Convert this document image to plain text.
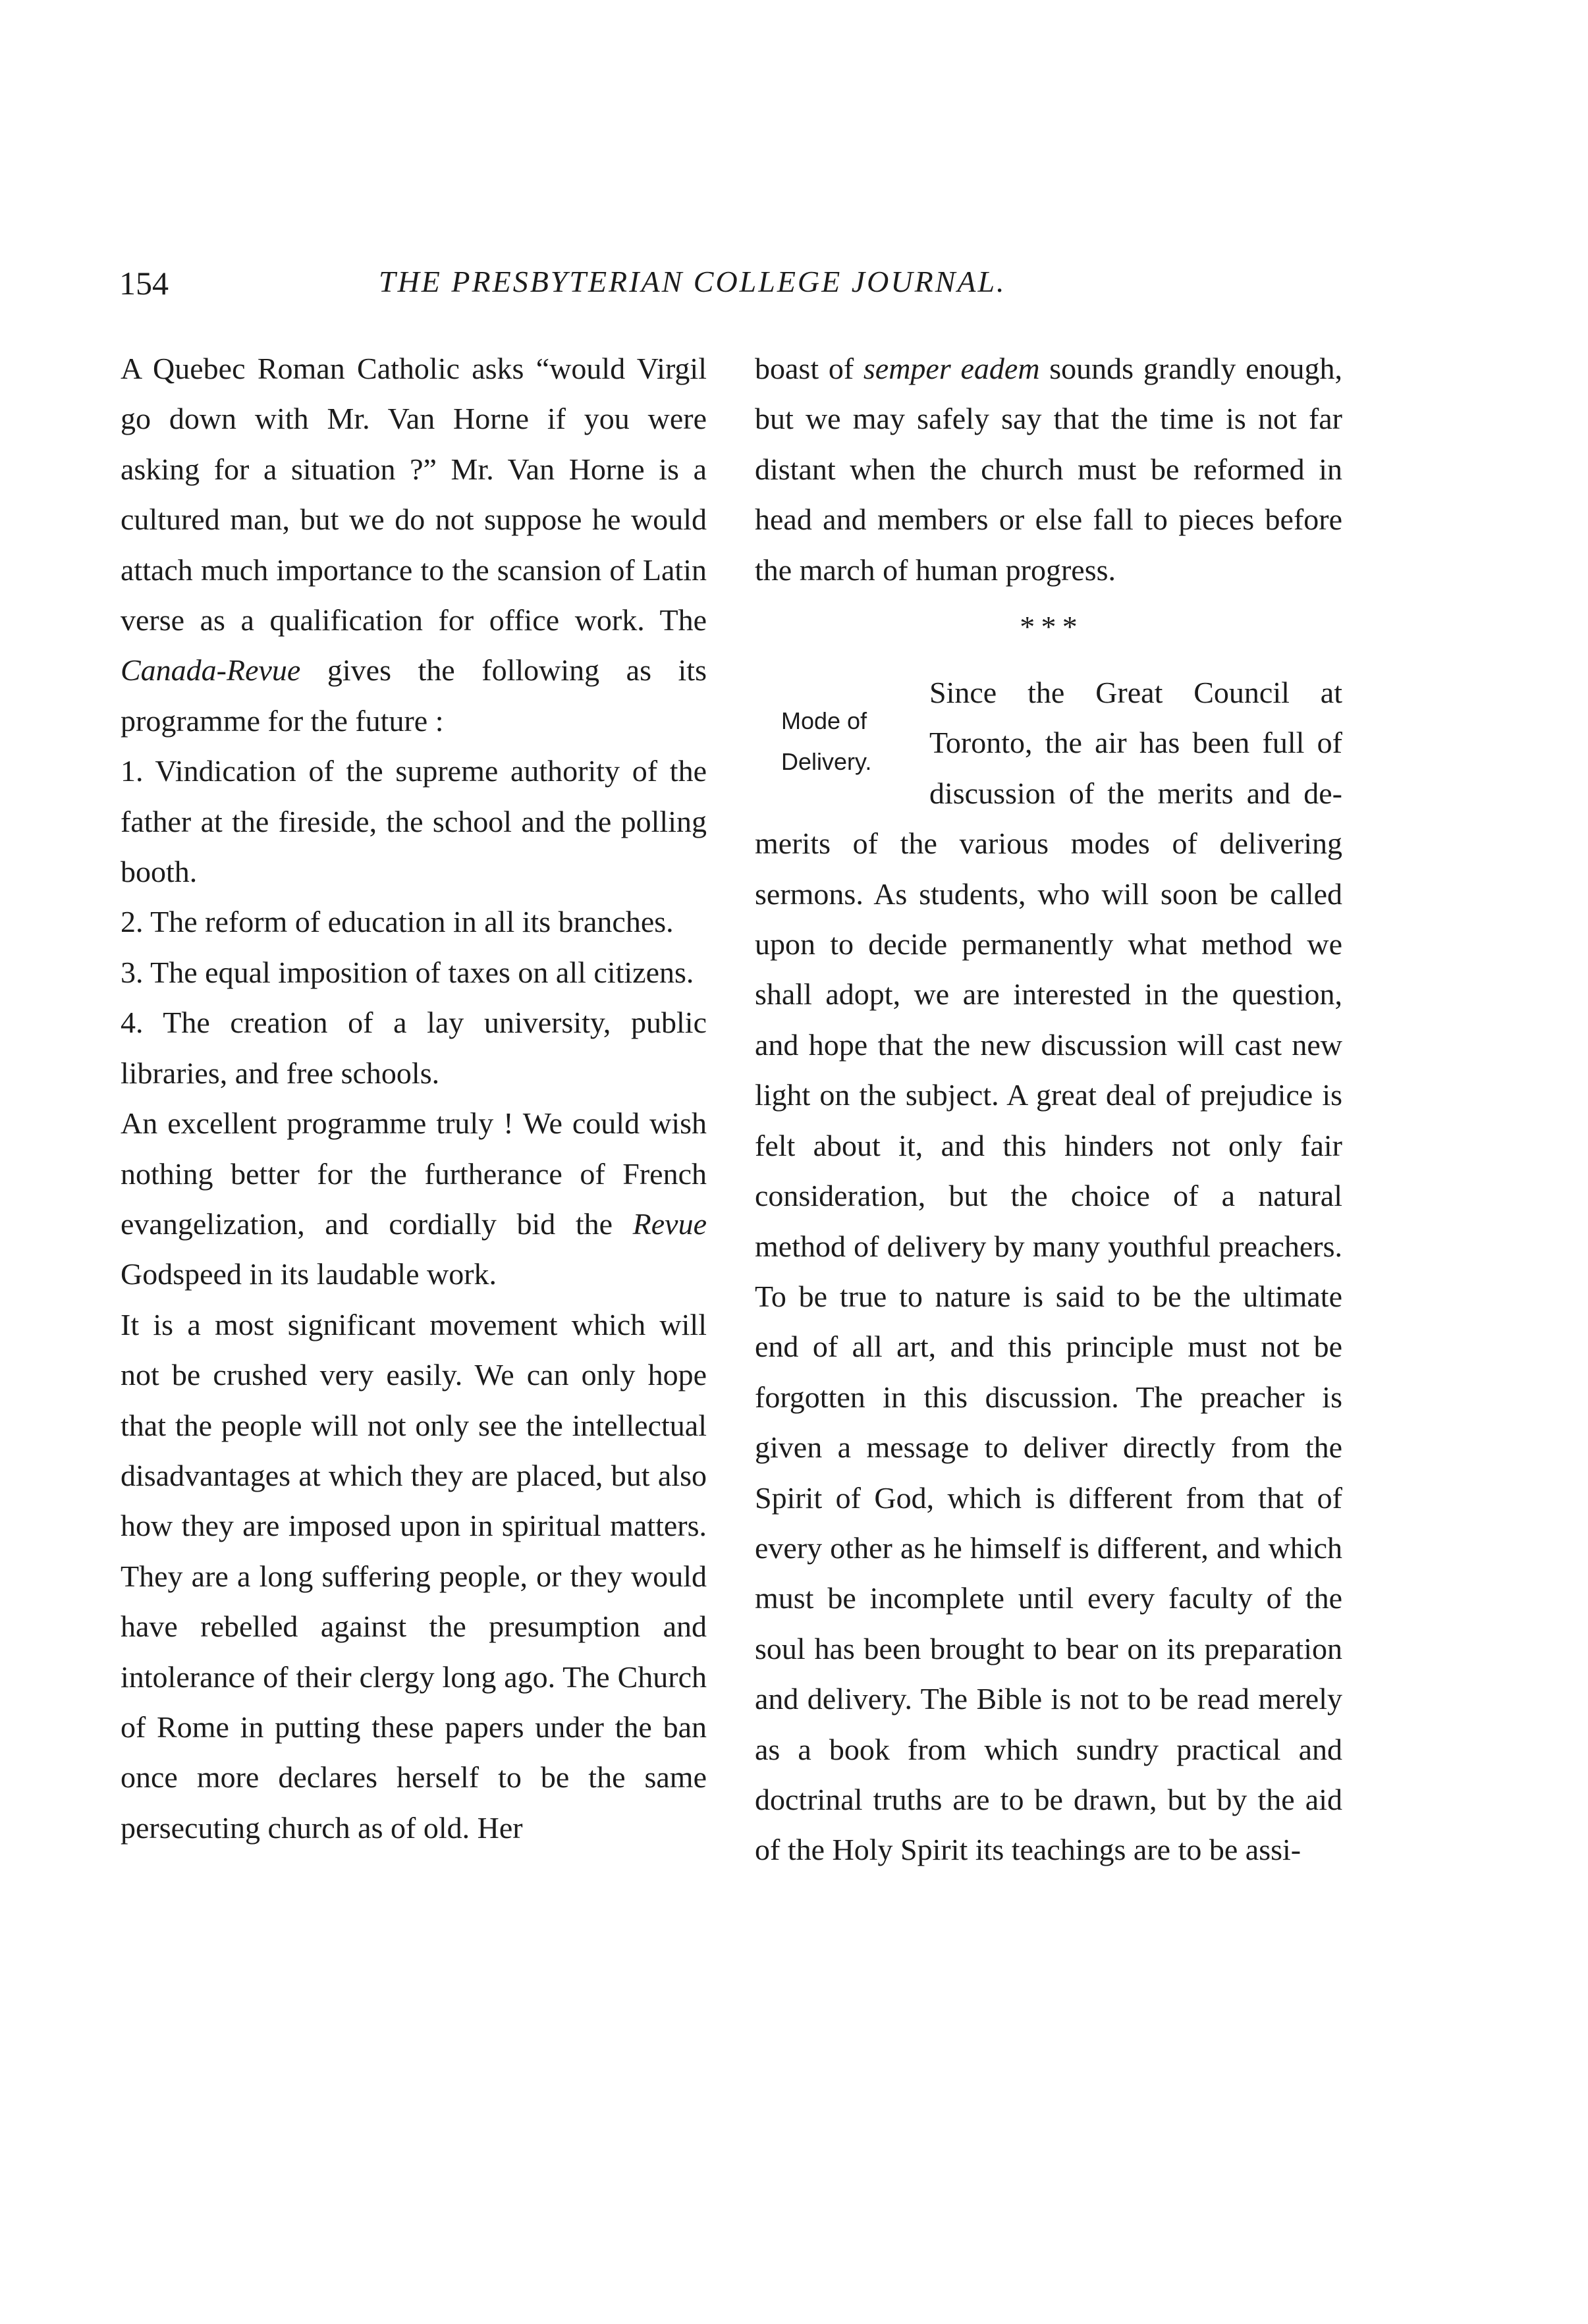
154	THE PRESBYTERIAN COLLEGE JOURNAL.

A Quebec Roman Catholic asks “would Virgil go down with Mr. Van Horne if you were asking for a situation ?” Mr. Van Horne is a cultured man, but we do not suppose he would attach much importance to the scansion of Latin verse as a qualification for office work. The Canada-Revue gives the following as its programme for the future :

1. Vindication of the supreme authority of the father at the fireside, the school and the polling booth.

2. The reform of education in all its branches.

3. The equal imposition of taxes on all citizens.

4. The creation of a lay university, public libraries, and free schools.

An excellent programme truly ! We could wish nothing better for the furtherance of French evangelization, and cordially bid the Revue Godspeed in its laudable work.

It is a most significant movement which will not be crushed very easily. We can only hope that the people will not only see the intellectual disadvantages at which they are placed, but also how they are imposed upon in spiritual matters. They are a long suffering people, or they would have rebelled against the presumption and intolerance of their clergy long ago. The Church of Rome in putting these papers under the ban once more declares herself to be the same persecuting church as of old. Her

boast of semper eadem sounds grandly enough, but we may safely say that the time is not far distant when the church must be reformed in head and members or else fall to pieces before the march of human progress.

* * *
Mode of Delivery.

Since the Great Council at Toronto, the air has been full of discussion of the merits and de-merits of the various modes of delivering sermons. As students, who will soon be called upon to decide permanently what method we shall adopt, we are interested in the question, and hope that the new discussion will cast new light on the subject. A great deal of prejudice is felt about it, and this hinders not only fair consideration, but the choice of a natural method of delivery by many youthful preachers. To be true to nature is said to be the ultimate end of all art, and this principle must not be forgotten in this discussion. The preacher is given a message to deliver directly from the Spirit of God, which is different from that of every other as he himself is different, and which must be incomplete until every faculty of the soul has been brought to bear on its preparation and delivery. The Bible is not to be read merely as a book from which sundry practical and doctrinal truths are to be drawn, but by the aid of the Holy Spirit its teachings are to be assi-
